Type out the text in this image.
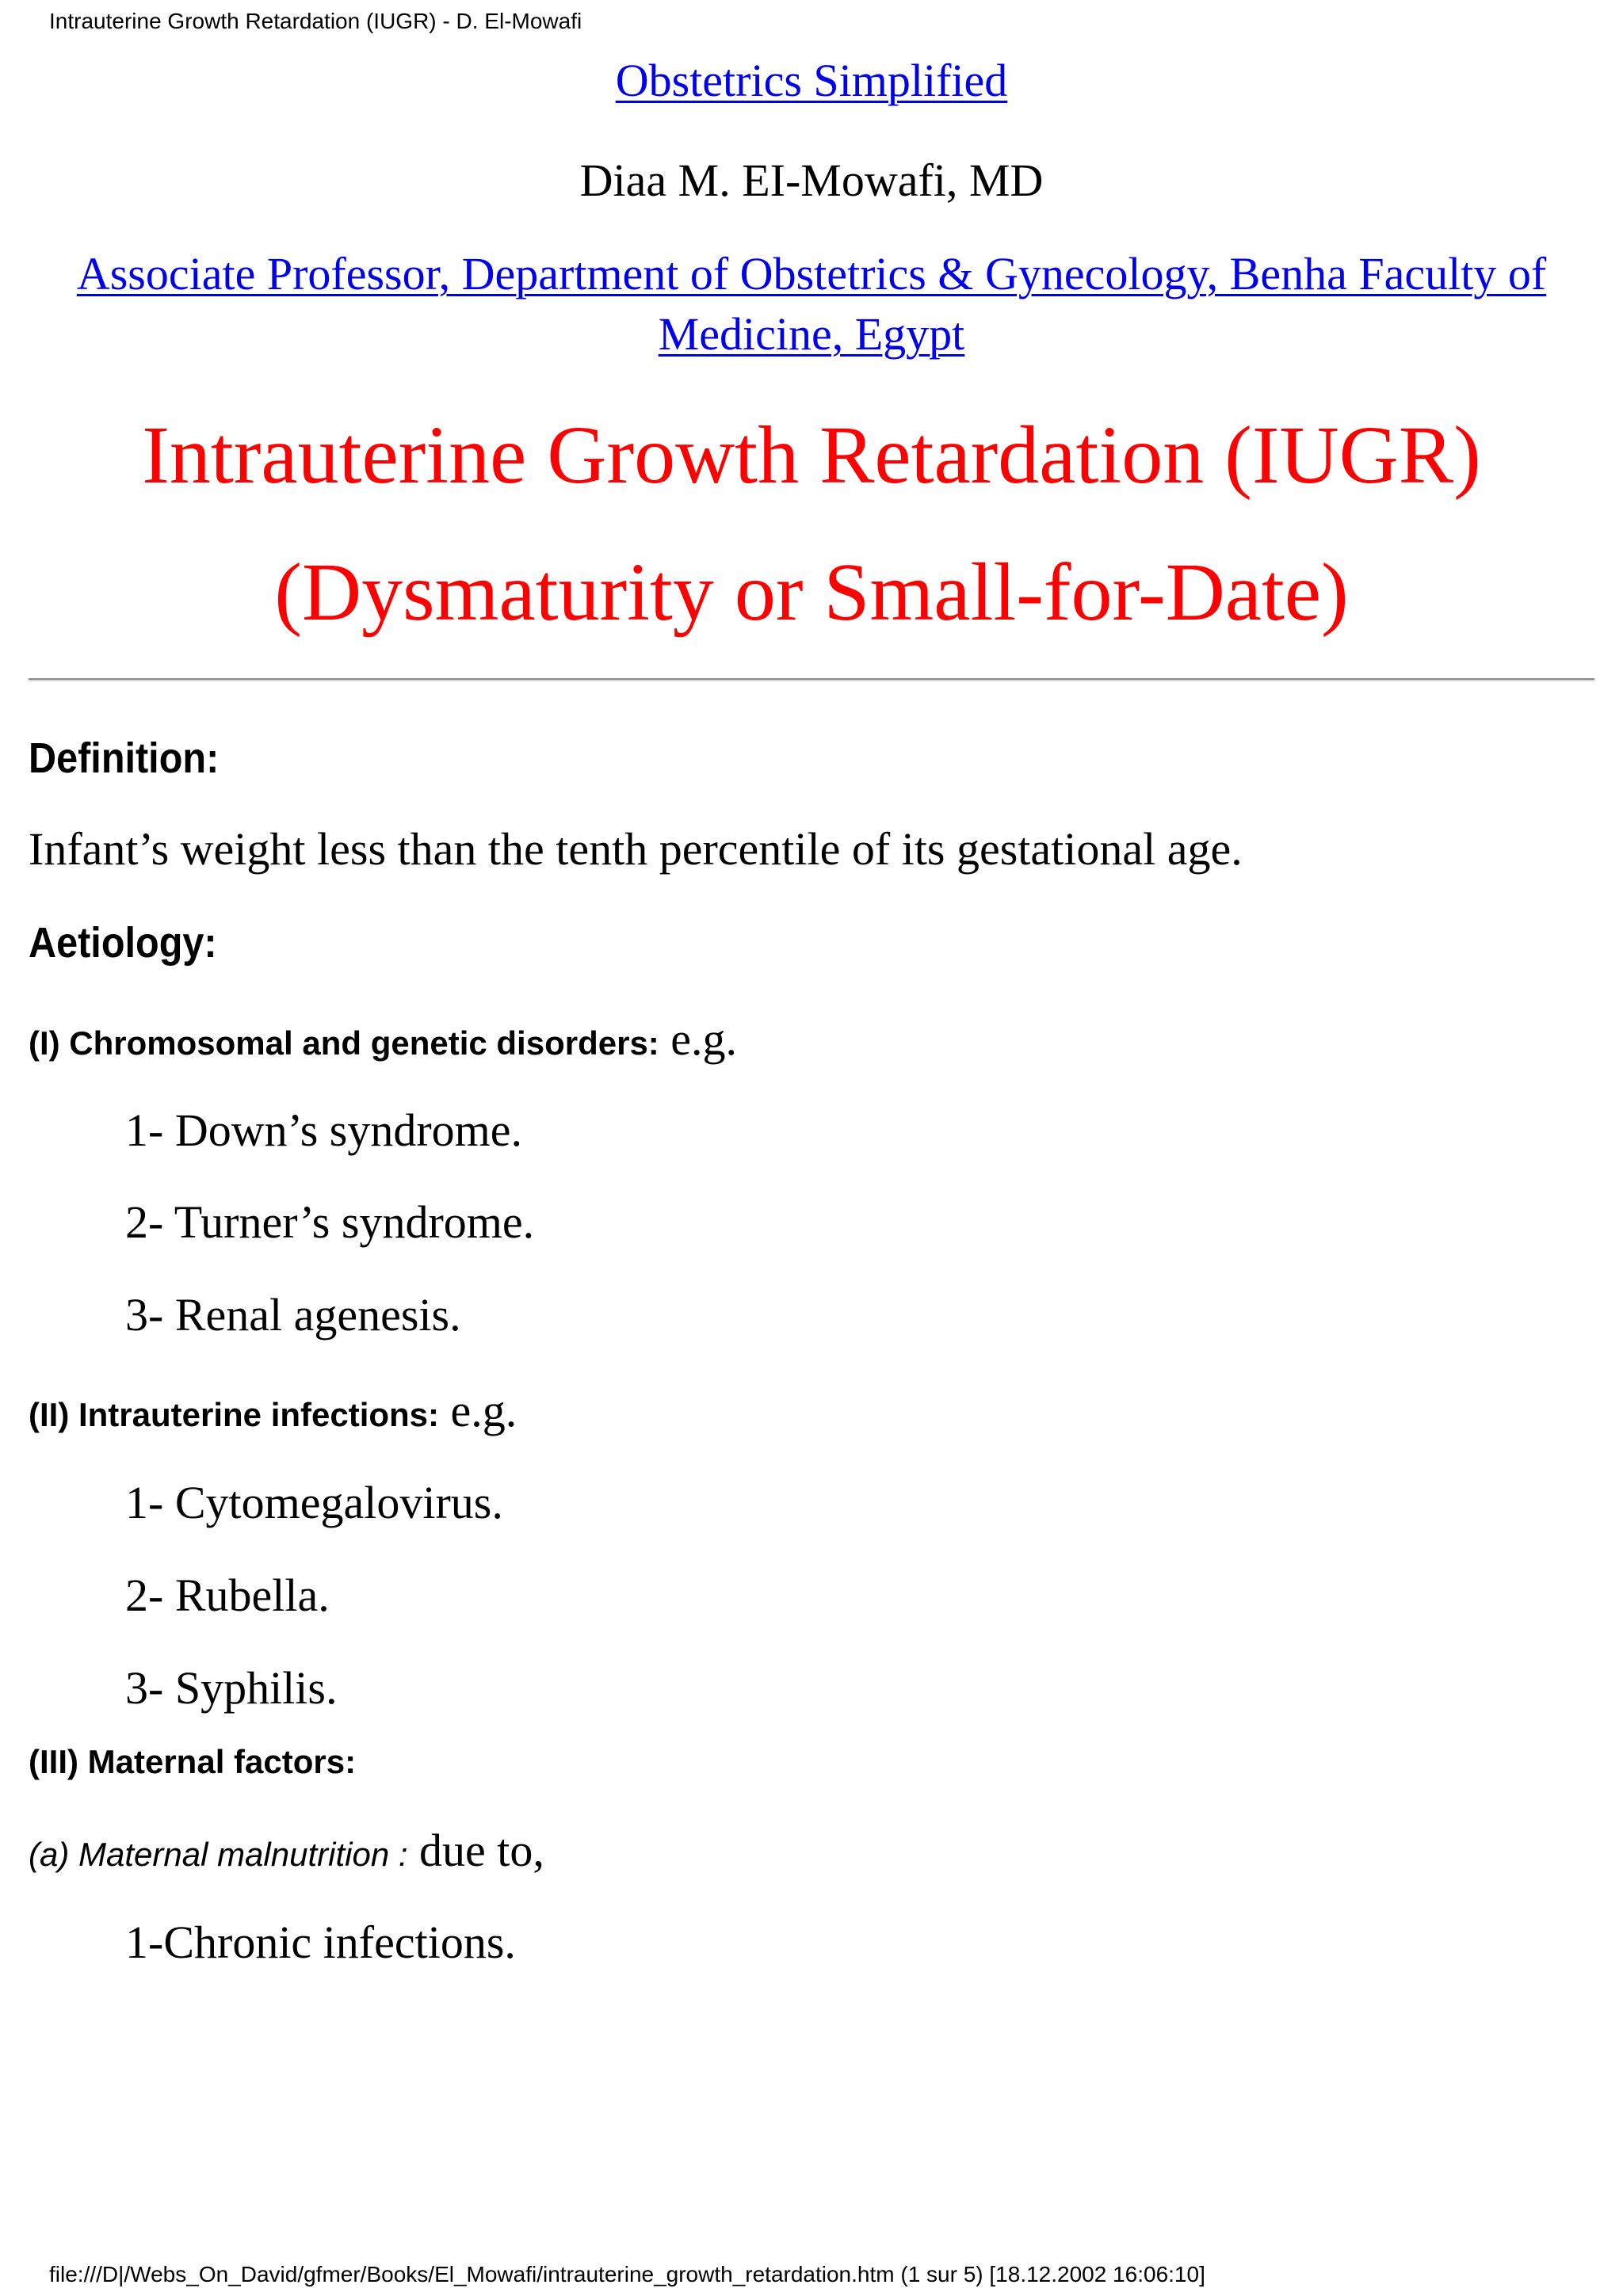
Intrauterine Growth Retardation (IUGR) - D. El-Mowafi
Obstetrics Simplified
Diaa M. EI-Mowafi, MD
Associate Professor, Department of Obstetrics & Gynecology, Benha Faculty of Medicine, Egypt
Intrauterine Growth Retardation (IUGR)
(Dysmaturity or Small-for-Date)
Definition:
Infant’s weight less than the tenth percentile of its gestational age.
Aetiology:
(I) Chromosomal and genetic disorders: e.g.
1- Down’s syndrome.
2- Turner’s syndrome.
3- Renal agenesis.
(II) Intrauterine infections: e.g.
1- Cytomegalovirus.
2- Rubella.
3- Syphilis.
(III) Maternal factors:
(a) Maternal malnutrition : due to,
1-Chronic infections.
file:///D|/Webs_On_David/gfmer/Books/El_Mowafi/intrauterine_growth_retardation.htm (1 sur 5) [18.12.2002 16:06:10]
